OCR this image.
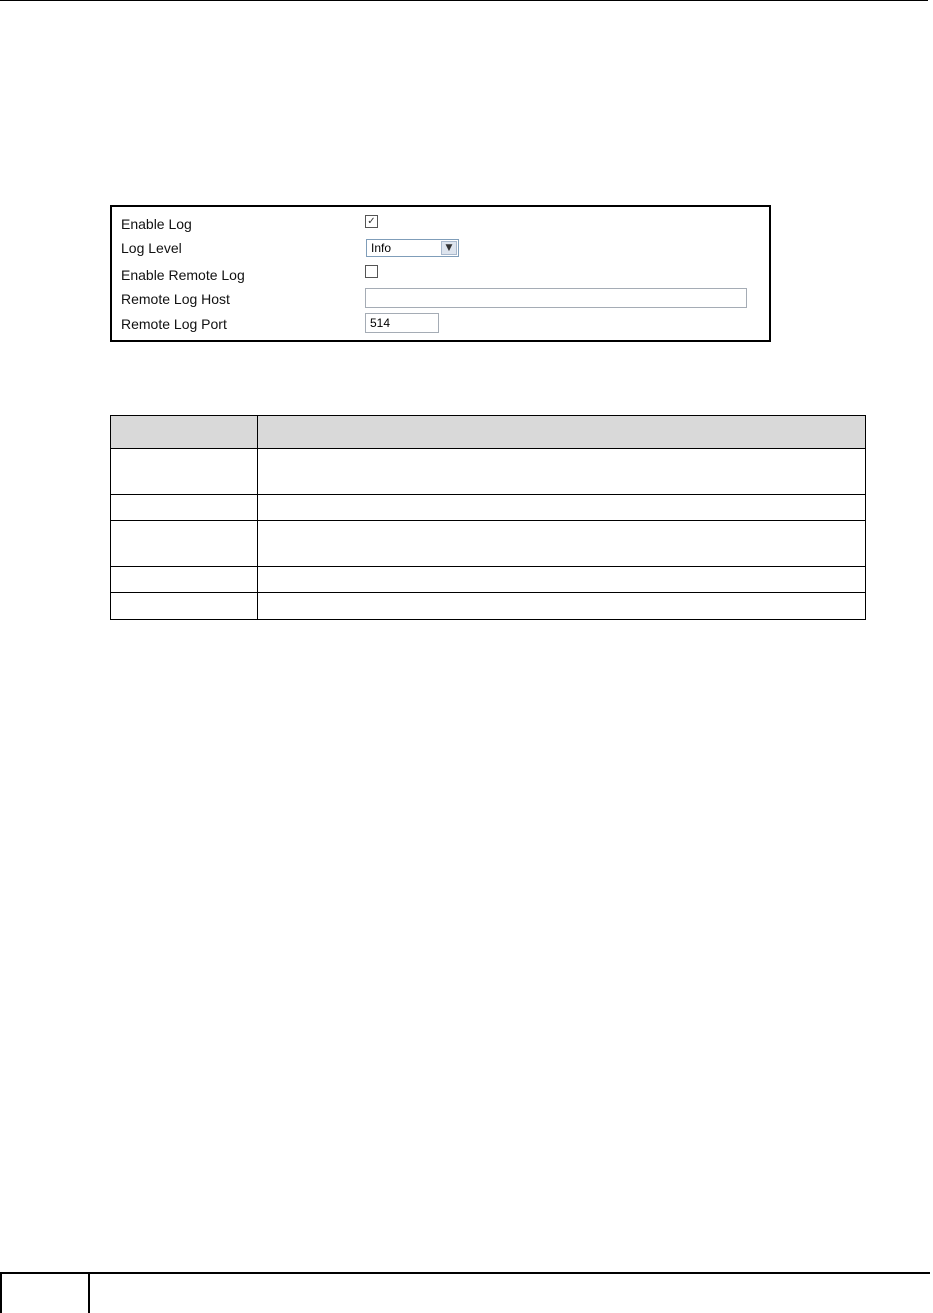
Enable Log	✓
Log Level	Info	▼
Enable Remote Log
Remote Log Host
Remote Log Port	514
